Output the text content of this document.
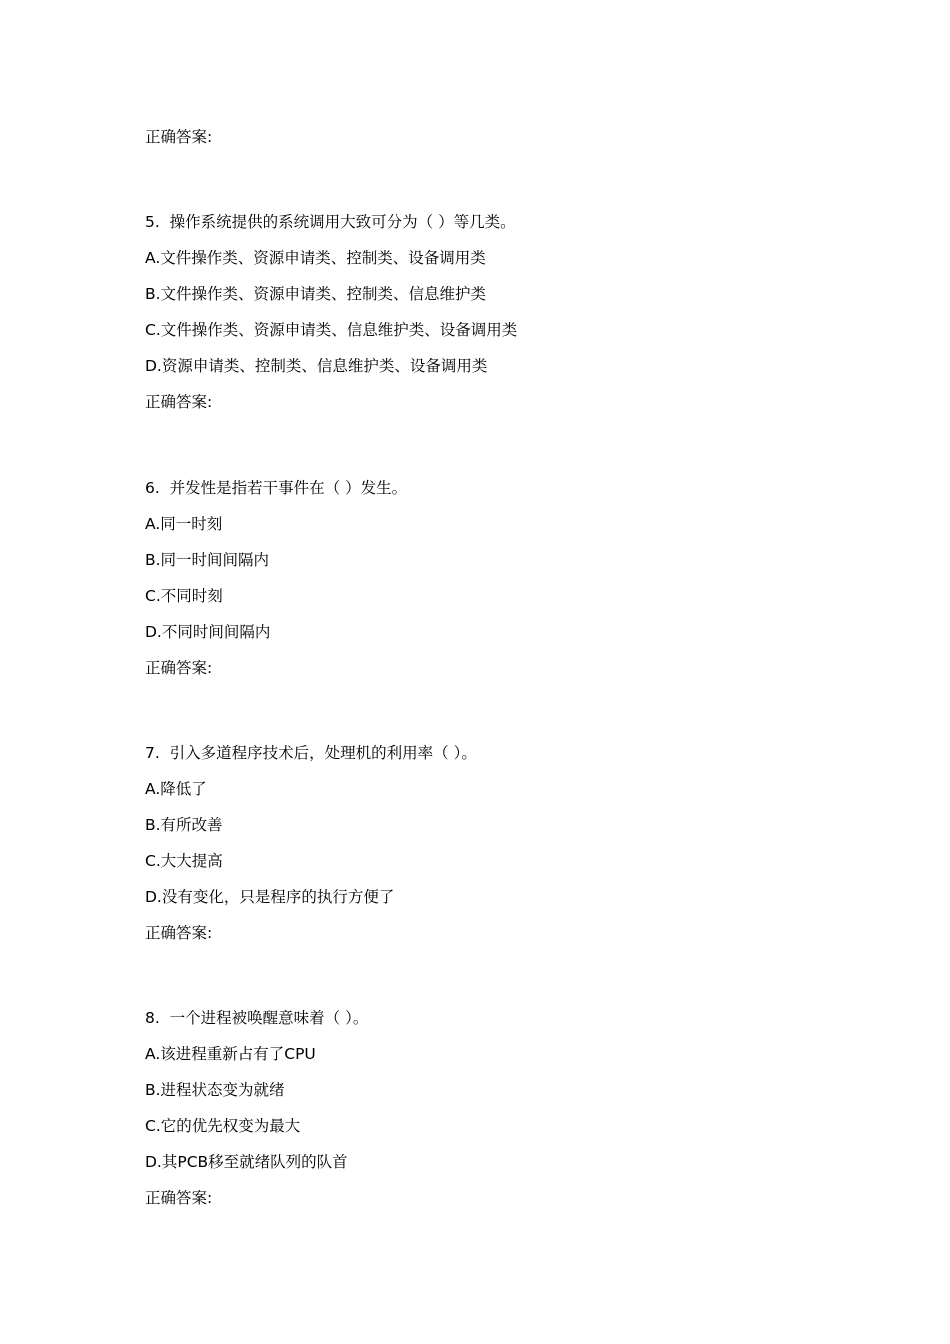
正确答案:

5. 操作系统提供的系统调用大致可分为（ ）等几类。

A.文件操作类、资源申请类、控制类、设备调用类

B.文件操作类、资源申请类、控制类、信息维护类

C.文件操作类、资源申请类、信息维护类、设备调用类

D.资源申请类、控制类、信息维护类、设备调用类

正确答案:

6. 并发性是指若干事件在（ ）发生。

A.同一时刻

B.同一时间间隔内

C.不同时刻

D.不同时间间隔内

正确答案:

7. 引入多道程序技术后，处理机的利用率（ ）。

A.降低了

B.有所改善

C.大大提高

D.没有变化，只是程序的执行方便了

正确答案:

8. 一个进程被唤醒意味着（ ）。

A.该进程重新占有了CPU

B.进程状态变为就绪

C.它的优先权变为最大

D.其PCB移至就绪队列的队首

正确答案:
